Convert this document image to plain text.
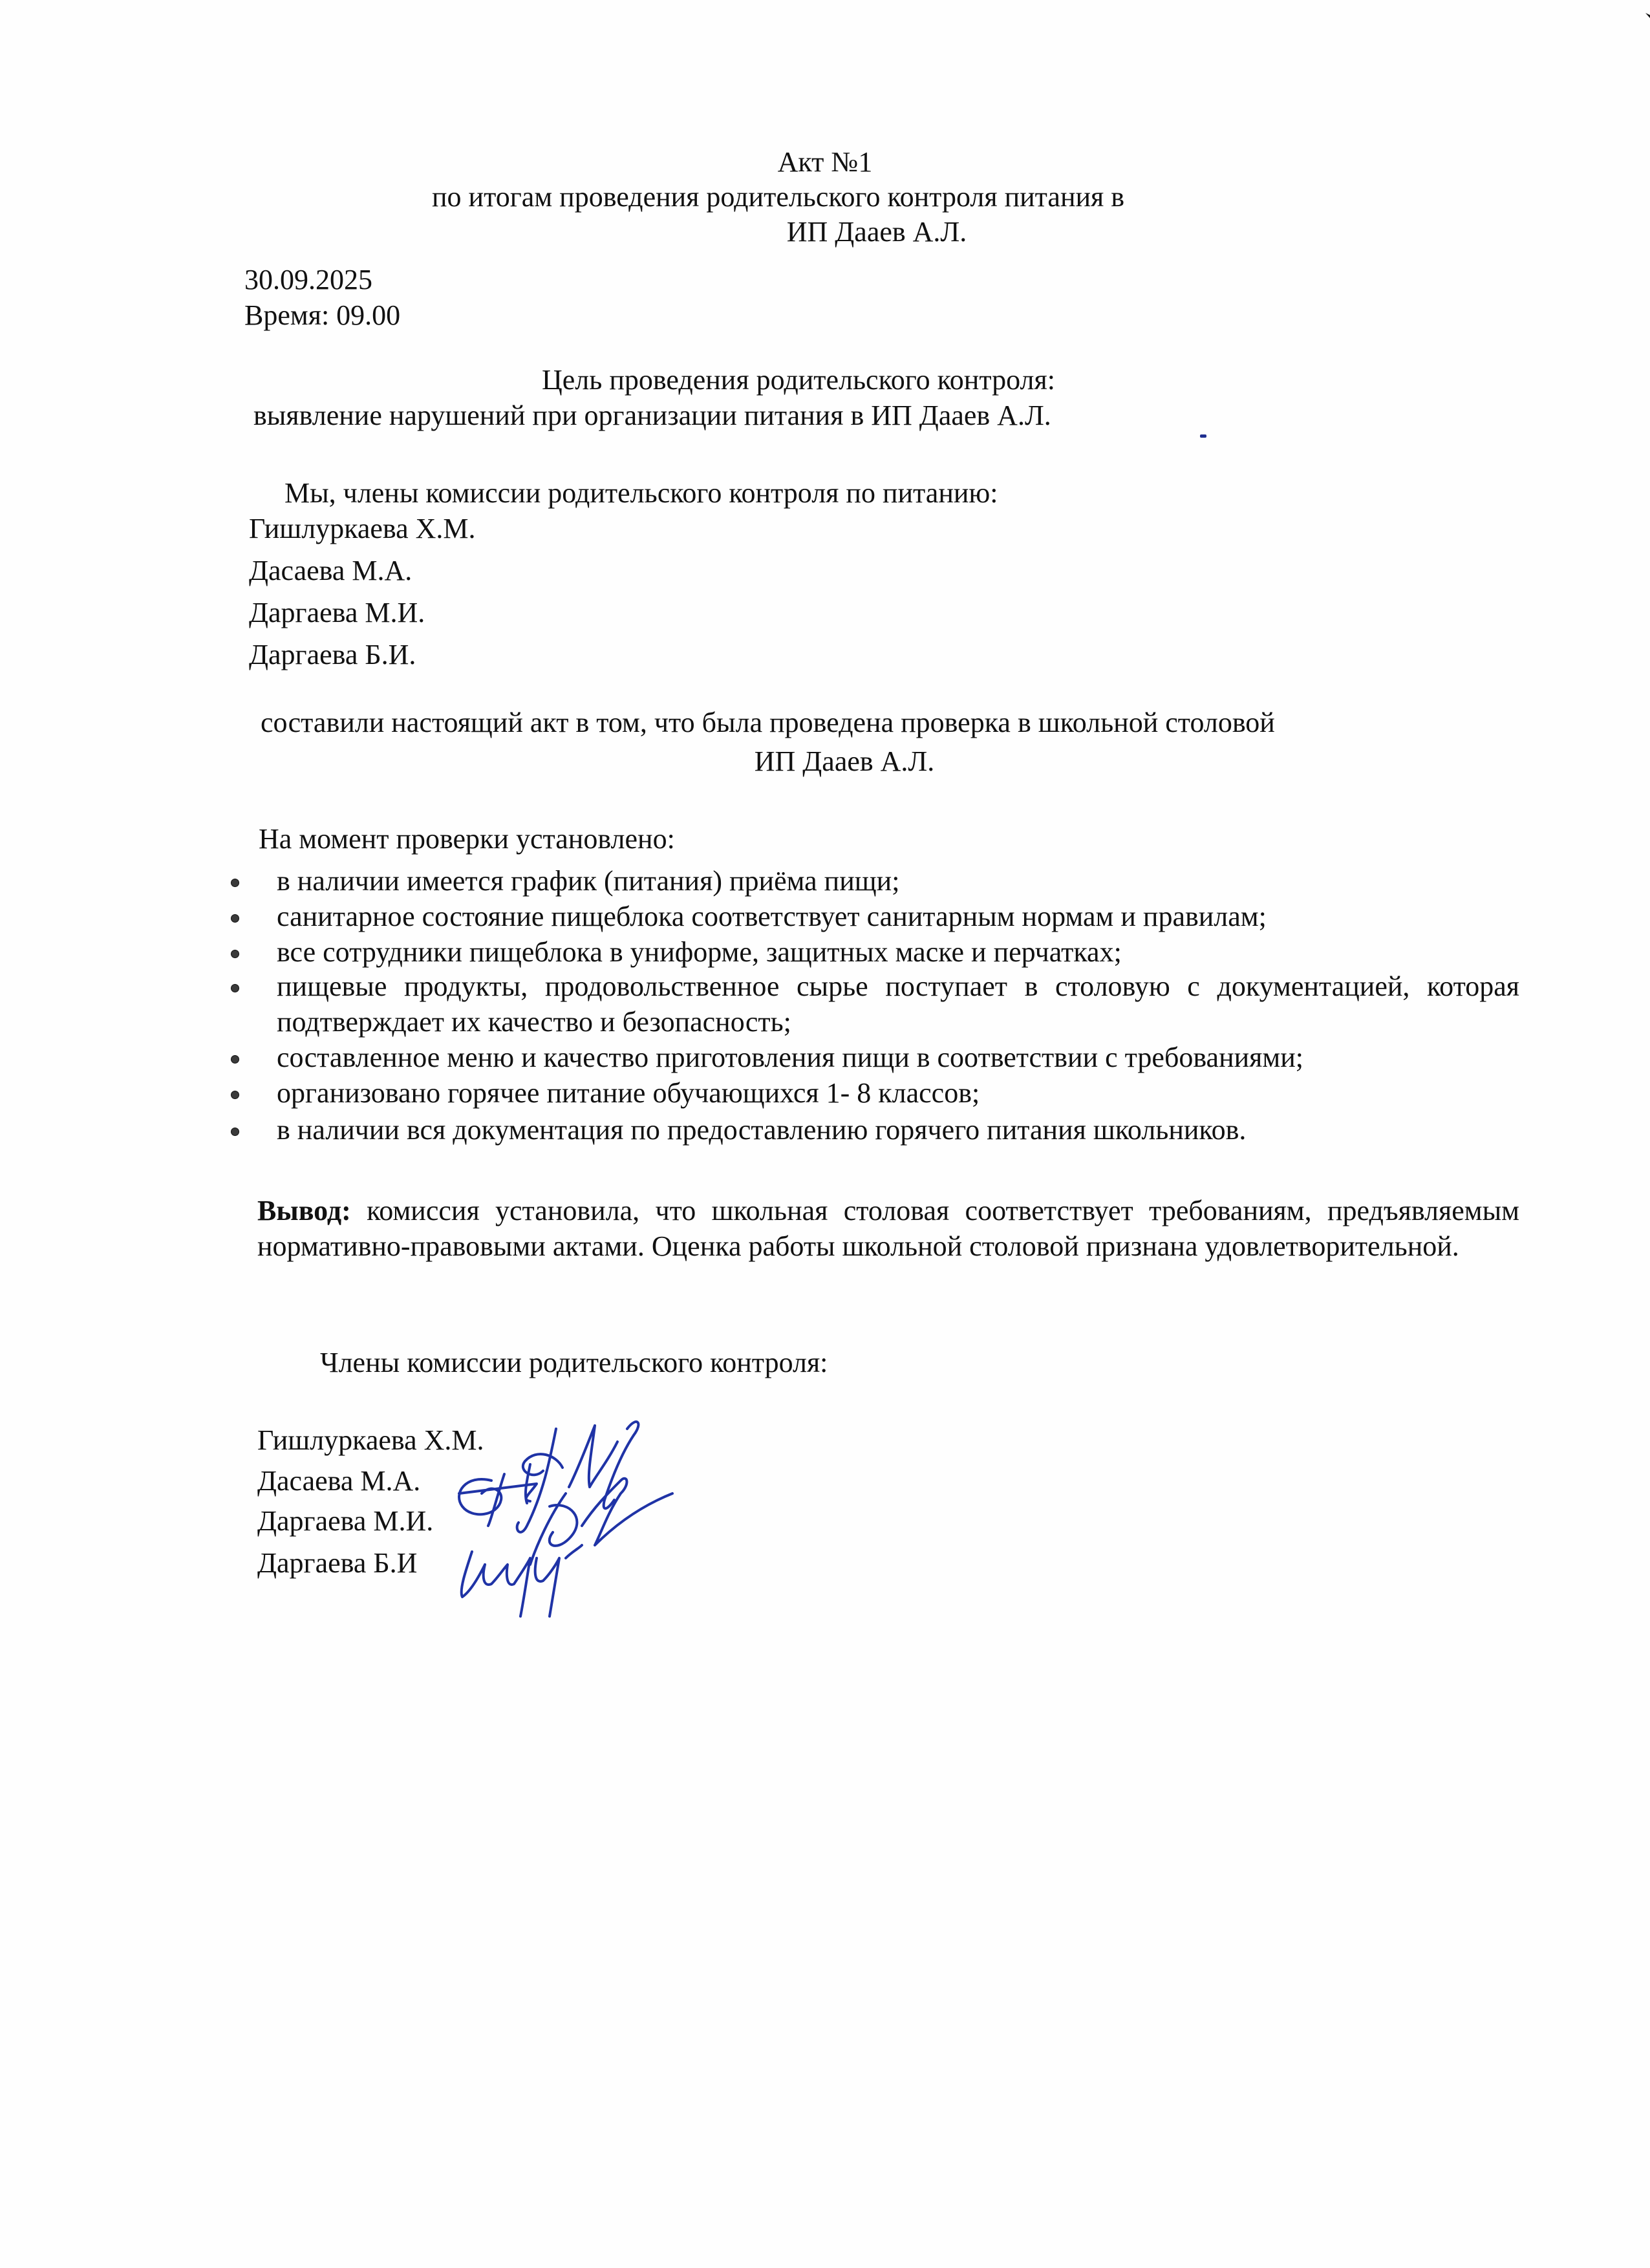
Акт №1
по итогам проведения родительского контроля питания в
ИП Дааев А.Л.
30.09.2025
Время: 09.00
Цель проведения родительского контроля:
выявление нарушений при организации питания в ИП Дааев А.Л.
Мы, члены комиссии родительского контроля по питанию:
Гишлуркаева Х.М.
Дасаева М.А.
Даргаева М.И.
Даргаева Б.И.
составили настоящий акт в том, что была проведена проверка в школьной столовой
ИП Дааев А.Л.
На момент проверки установлено:
в наличии имеется график (питания) приёма пищи;
санитарное состояние пищеблока соответствует санитарным нормам и правилам;
все сотрудники пищеблока в униформе, защитных маске и перчатках;
пищевые продукты, продовольственное сырье поступает в столовую с документацией, которая подтверждает их качество и безопасность;
составленное меню и качество приготовления пищи в соответствии с требованиями;
организовано горячее питание обучающихся 1- 8 классов;
в наличии вся документация по предоставлению горячего питания школьников.
Вывод: комиссия установила, что школьная столовая соответствует требованиям, предъявляемым нормативно-правовыми актами. Оценка работы школьной столовой признана удовлетворительной.
Члены комиссии родительского контроля:
Гишлуркаева Х.М.
Дасаева М.А.
Даргаева М.И.
Даргаева Б.И
